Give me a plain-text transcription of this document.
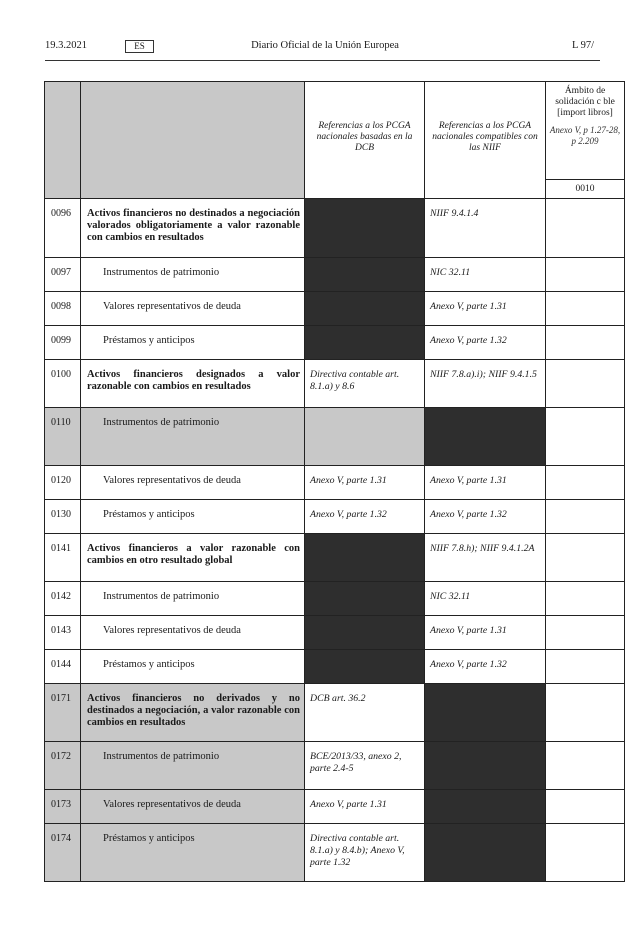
19.3.2021	ES	Diario Oficial de la Unión Europea	L 97/
		Referencias a los PCGA nacionales basadas en la DCB	Referencias a los PCGA nacionales compatibles con las NIIF	Ámbito de solidación c ble [import libros]
Anexo V, p 1.27-28, p 2.209

				0010
0096	Activos financieros no destinados a negociación valorados obligatoriamente a valor razonable con cambios en resultados		NIIF 9.4.1.4	
0097	Instrumentos de patrimonio		NIC 32.11	
0098	Valores representativos de deuda		Anexo V, parte 1.31	
0099	Préstamos y anticipos		Anexo V, parte 1.32	
0100	Activos financieros designados a valor razonable con cambios en resultados	Directiva contable art. 8.1.a) y 8.6	NIIF 7.8.a).i); NIIF 9.4.1.5	
0110	Instrumentos de patrimonio			
0120	Valores representativos de deuda	Anexo V, parte 1.31	Anexo V, parte 1.31	
0130	Préstamos y anticipos	Anexo V, parte 1.32	Anexo V, parte 1.32	
0141	Activos financieros a valor razonable con cambios en otro resultado global		NIIF 7.8.h); NIIF 9.4.1.2A	
0142	Instrumentos de patrimonio		NIC 32.11	
0143	Valores representativos de deuda		Anexo V, parte 1.31	
0144	Préstamos y anticipos		Anexo V, parte 1.32	
0171	Activos financieros no derivados y no destinados a negociación, a valor razonable con cambios en resultados	DCB art. 36.2		
0172	Instrumentos de patrimonio	BCE/2013/33, anexo 2, parte 2.4-5		
0173	Valores representativos de deuda	Anexo V, parte 1.31		
0174	Préstamos y anticipos	Directiva contable art. 8.1.a) y 8.4.b); Anexo V, parte 1.32		
